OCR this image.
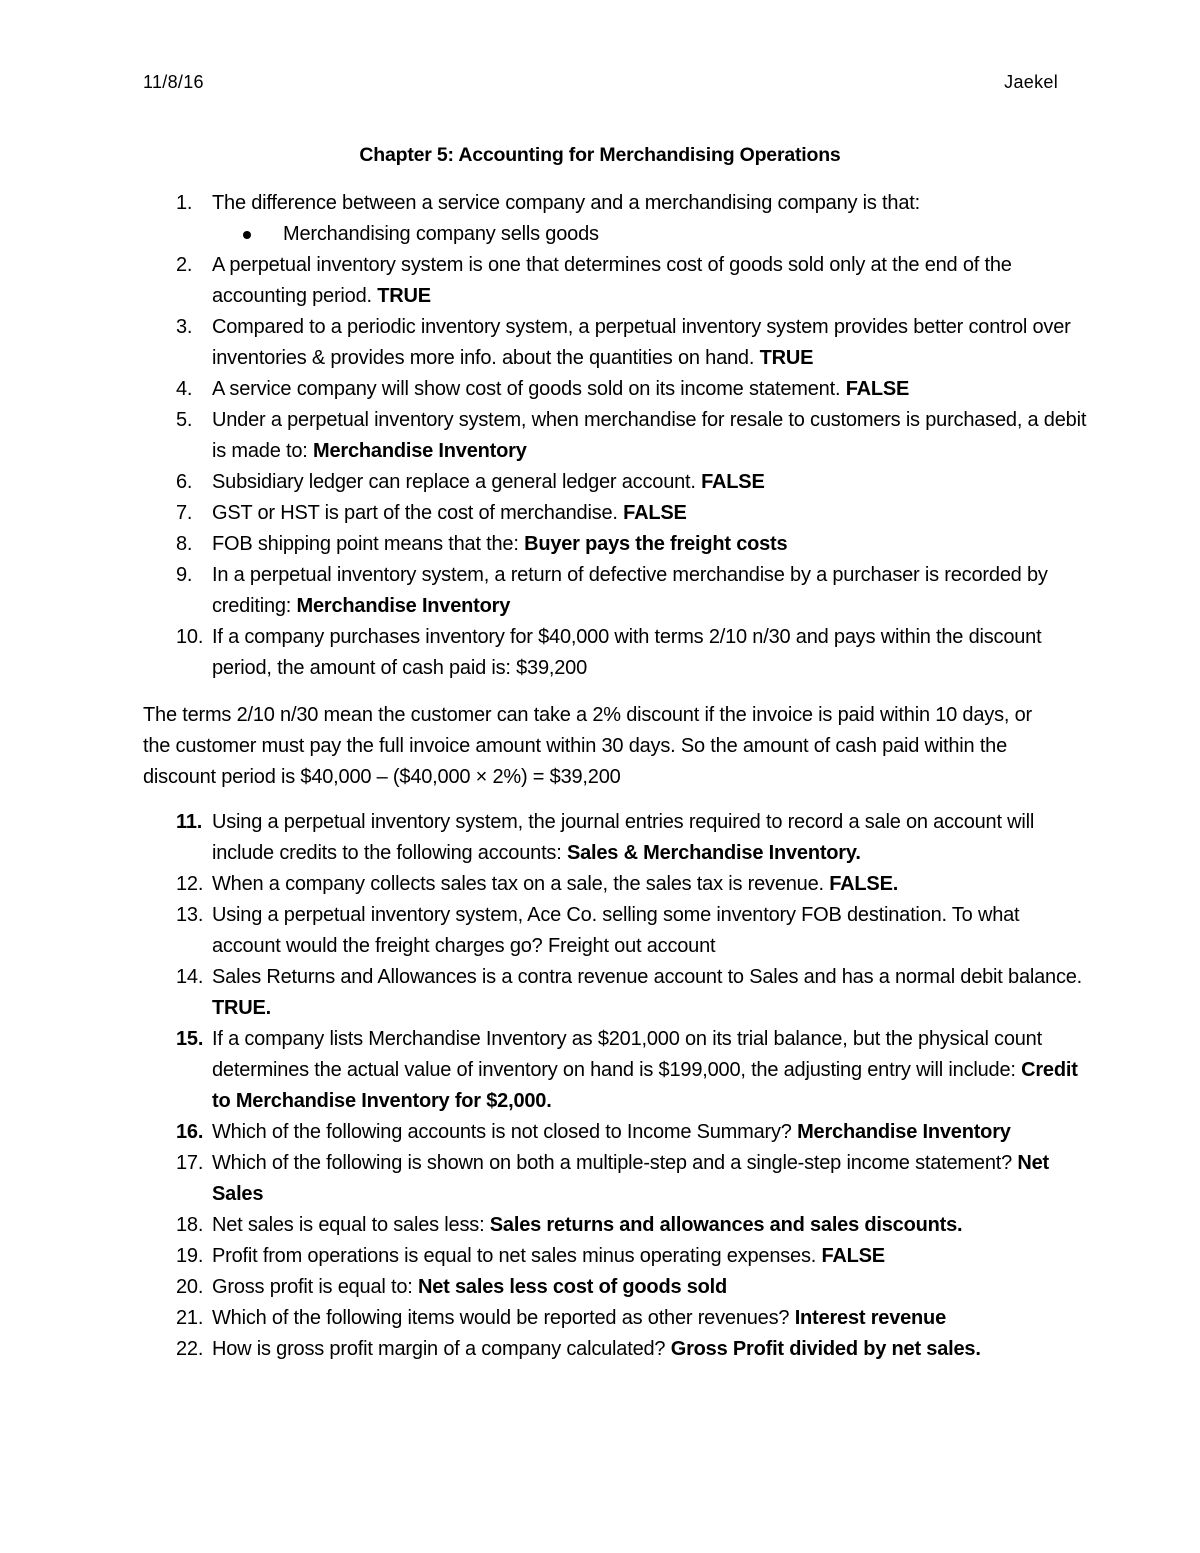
11/8/16	Jaekel
Chapter 5: Accounting for Merchandising Operations
1. The difference between a service company and a merchandising company is that:
Merchandising company sells goods
2. A perpetual inventory system is one that determines cost of goods sold only at the end of the accounting period. TRUE
3. Compared to a periodic inventory system, a perpetual inventory system provides better control over inventories & provides more info. about the quantities on hand. TRUE
4. A service company will show cost of goods sold on its income statement. FALSE
5. Under a perpetual inventory system, when merchandise for resale to customers is purchased, a debit is made to: Merchandise Inventory
6. Subsidiary ledger can replace a general ledger account. FALSE
7. GST or HST is part of the cost of merchandise. FALSE
8. FOB shipping point means that the: Buyer pays the freight costs
9. In a perpetual inventory system, a return of defective merchandise by a purchaser is recorded by crediting: Merchandise Inventory
10. If a company purchases inventory for $40,000 with terms 2/10 n/30 and pays within the discount period, the amount of cash paid is: $39,200

The terms 2/10 n/30 mean the customer can take a 2% discount if the invoice is paid within 10 days, or the customer must pay the full invoice amount within 30 days. So the amount of cash paid within the discount period is $40,000 – ($40,000 × 2%) = $39,200

11. Using a perpetual inventory system, the journal entries required to record a sale on account will include credits to the following accounts: Sales & Merchandise Inventory.
12. When a company collects sales tax on a sale, the sales tax is revenue. FALSE.
13. Using a perpetual inventory system, Ace Co. selling some inventory FOB destination. To what account would the freight charges go? Freight out account
14. Sales Returns and Allowances is a contra revenue account to Sales and has a normal debit balance. TRUE.
15. If a company lists Merchandise Inventory as $201,000 on its trial balance, but the physical count determines the actual value of inventory on hand is $199,000, the adjusting entry will include: Credit to Merchandise Inventory for $2,000.
16. Which of the following accounts is not closed to Income Summary? Merchandise Inventory
17. Which of the following is shown on both a multiple-step and a single-step income statement? Net Sales
18. Net sales is equal to sales less: Sales returns and allowances and sales discounts.
19. Profit from operations is equal to net sales minus operating expenses. FALSE
20. Gross profit is equal to: Net sales less cost of goods sold
21. Which of the following items would be reported as other revenues? Interest revenue
22. How is gross profit margin of a company calculated? Gross Profit divided by net sales.
